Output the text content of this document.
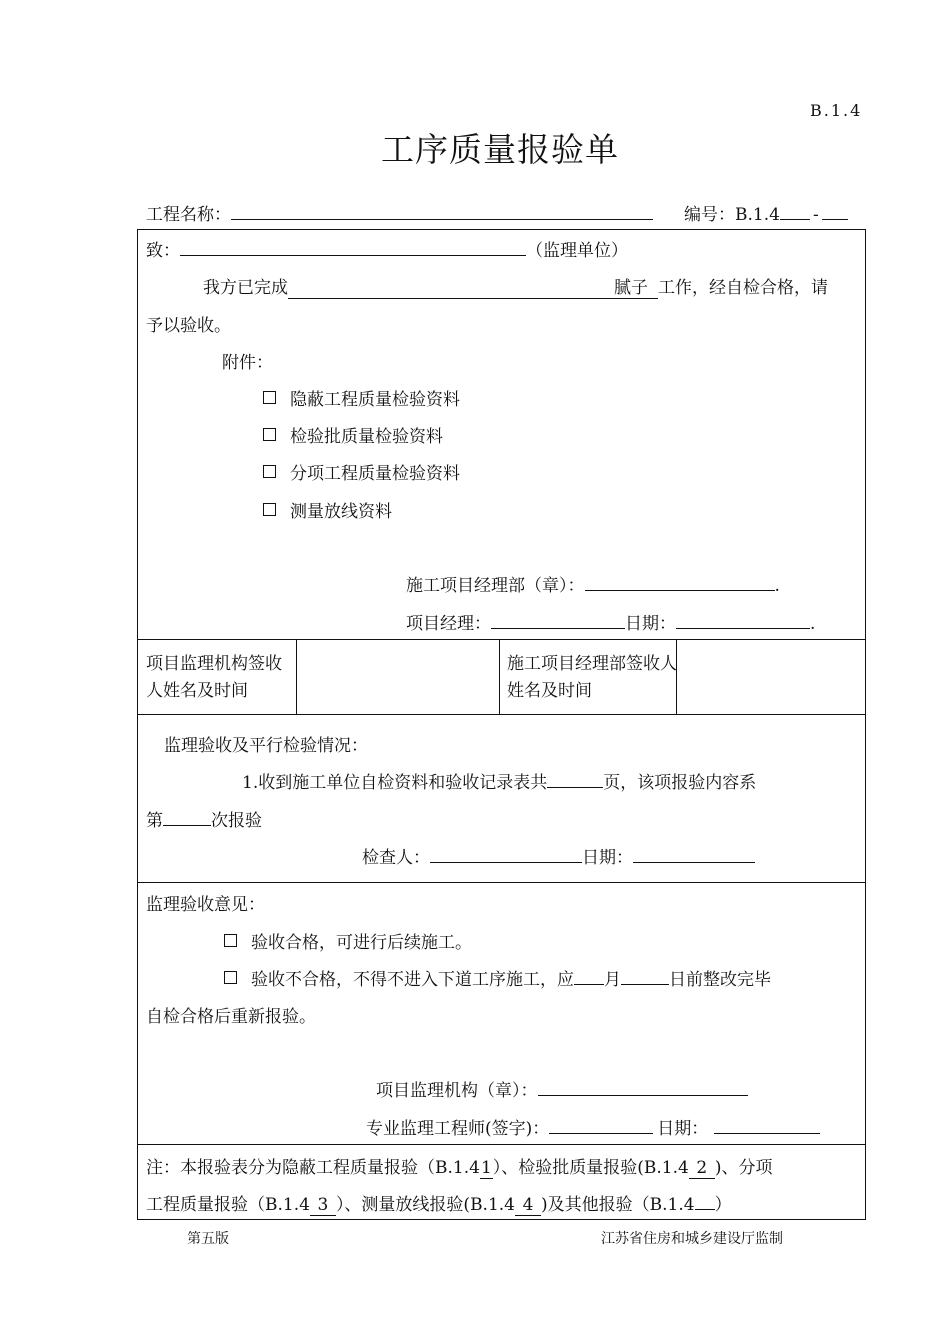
B.1.4
工序质量报验单
工程名称：	编号：B.1.4 -
致：	（监理单位）
我方已完成	腻子 工作，经自检合格，请
予以验收。
附件：
隐蔽工程质量检验资料
检验批质量检验资料
分项工程质量检验资料
测量放线资料
施工项目经理部（章）：	.
项目经理：	日期：	.
项目监理机构签收人姓名及时间
施工项目经理部签收人姓名及时间
监理验收及平行检验情况：
1.收到施工单位自检资料和验收记录表共	页，该项报验内容系
第	次报验
检查人：	日期：
监理验收意见：
验收合格，可进行后续施工。
验收不合格，不得不进入下道工序施工，应 月	日前整改完毕
自检合格后重新报验。
项目监理机构（章）：
专业监理工程师(签字)：	日期：
注：本报验表分为隐蔽工程质量报验（B.1.41）、检验批质量报验(B.1.4 2 )、分项
工程质量报验（B.1.4 3 ）、测量放线报验(B.1.4 4 )及其他报验（B.1.4 ）
第五版	江苏省住房和城乡建设厅监制
